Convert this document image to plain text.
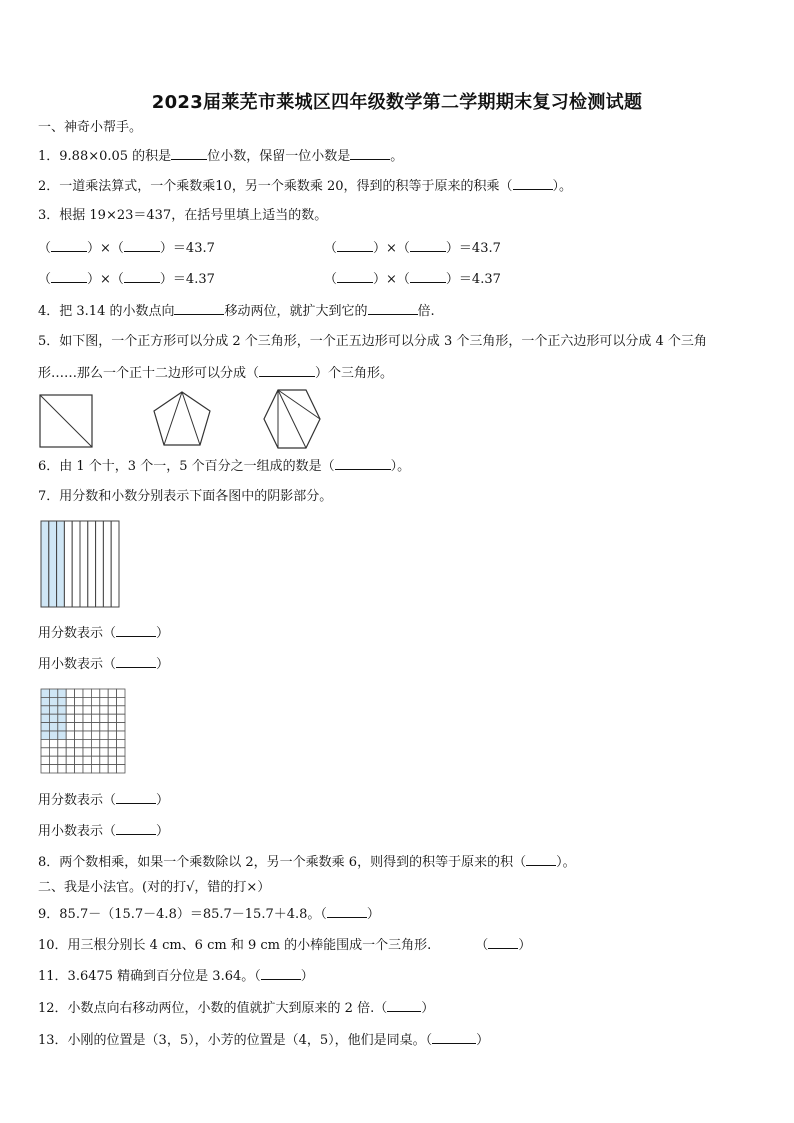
2023届莱芜市莱城区四年级数学第二学期期末复习检测试题
一、神奇小帮手。
1．9.88×0.05 的积是	位小数，保留一位小数是	。
2．一道乘法算式，一个乘数乘10，另一个乘数乘 20，得到的积等于原来的积乘（	）。
3．根据 19×23＝437，在括号里填上适当的数。
（	）×（	）＝43.7	（	）×（	）＝43.7
（	）×（	）＝4.37	（	）×（	）＝4.37
4．把 3.14 的小数点向	移动两位，就扩大到它的	倍.
5．如下图，一个正方形可以分成 2 个三角形，一个正五边形可以分成 3 个三角形，一个正六边形可以分成 4 个三角
形……那么一个正十二边形可以分成（	）个三角形。
6．由 1 个十，3 个一，5 个百分之一组成的数是（	）。
7．用分数和小数分别表示下面各图中的阴影部分。
用分数表示（	）
用小数表示（	）
用分数表示（	）
用小数表示（	）
8．两个数相乘，如果一个乘数除以 2，另一个乘数乘 6，则得到的积等于原来的积（ ）。
二、我是小法官。(对的打√，错的打×）
9．85.7－（15.7－4.8）＝85.7－15.7＋4.8。（	）
10．用三根分别长 4 cm、6 cm 和 9 cm 的小棒能围成一个三角形.	（ ）
11．3.6475 精确到百分位是 3.64。（	）
12．小数点向右移动两位，小数的值就扩大到原来的 2 倍.（	）
13．小刚的位置是（3，5），小芳的位置是（4，5），他们是同桌。（	）
